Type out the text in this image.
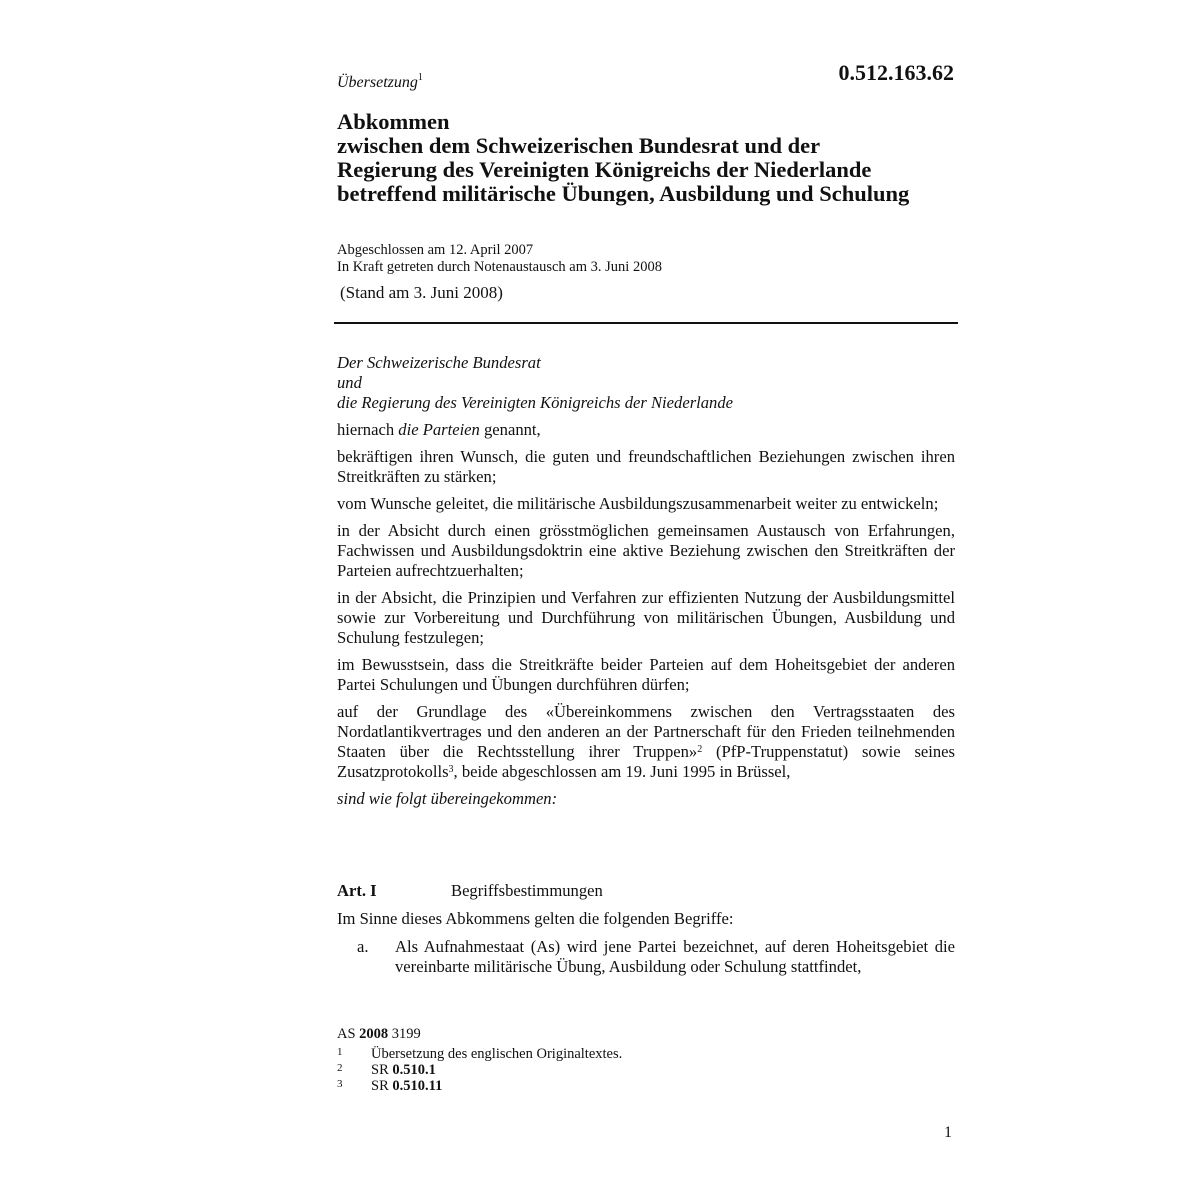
0.512.163.62
Übersetzung$^1$
Abkommen
zwischen dem Schweizerischen Bundesrat und der
Regierung des Vereinigten Königreichs der Niederlande
betreffend militärische Übungen, Ausbildung und Schulung
Abgeschlossen am 12. April 2007
In Kraft getreten durch Notenaustausch am 3. Juni 2008
(Stand am 3. Juni 2008)

Der Schweizerische Bundesrat

und

die Regierung des Vereinigten Königreichs der Niederlande

hiernach die Parteien genannt,

bekräftigen ihren Wunsch, die guten und freundschaftlichen Beziehungen zwischen ihren Streitkräften zu stärken;

vom Wunsche geleitet, die militärische Ausbildungszusammenarbeit weiter zu entwickeln;

in der Absicht durch einen grösstmöglichen gemeinsamen Austausch von Erfahrungen, Fachwissen und Ausbildungsdoktrin eine aktive Beziehung zwischen den Streitkräften der Parteien aufrechtzuerhalten;

in der Absicht, die Prinzipien und Verfahren zur effizienten Nutzung der Ausbildungsmittel sowie zur Vorbereitung und Durchführung von militärischen Übungen, Ausbildung und Schulung festzulegen;

im Bewusstsein, dass die Streitkräfte beider Parteien auf dem Hoheitsgebiet der anderen Partei Schulungen und Übungen durchführen dürfen;

auf der Grundlage des «Übereinkommens zwischen den Vertragsstaaten des Nordatlantikvertrages und den anderen an der Partnerschaft für den Frieden teilnehmenden Staaten über die Rechtsstellung ihrer Truppen»$^2$ (PfP-Truppenstatut) sowie seines Zusatzprotokolls$^3$, beide abgeschlossen am 19. Juni 1995 in Brüssel,

sind wie folgt übereingekommen:

Art. I	Begriffsbestimmungen
Im Sinne dieses Abkommens gelten die folgenden Begriffe:
a. Als Aufnahmestaat (As) wird jene Partei bezeichnet, auf deren Hoheitsgebiet die vereinbarte militärische Übung, Ausbildung oder Schulung stattfindet,
AS 2008 3199
1 Übersetzung des englischen Originaltextes.
2 SR 0.510.1
3 SR 0.510.11
1
